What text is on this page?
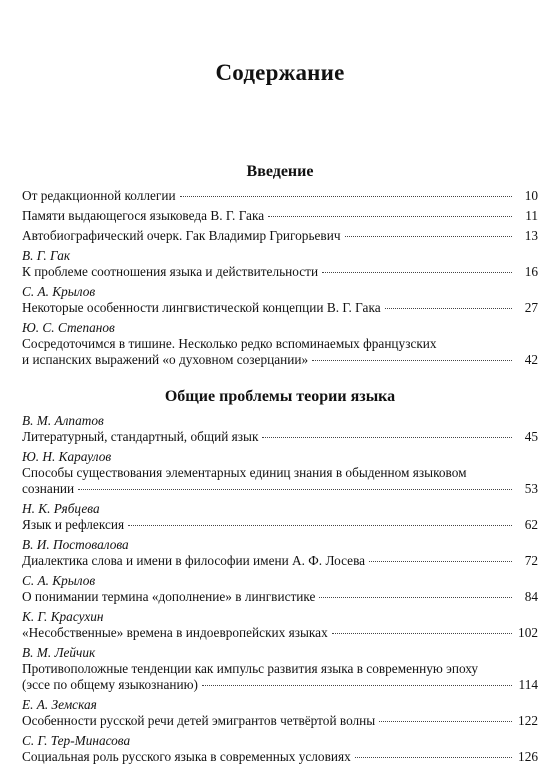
Содержание
Введение
От редакционной коллегии	10
Памяти выдающегося языковеда В. Г. Гака	11
Автобиографический очерк. Гак Владимир Григорьевич	13
В. Г. Гак
К проблеме соотношения языка и действительности	16
С. А. Крылов
Некоторые особенности лингвистической концепции В. Г. Гака	27
Ю. С. Степанов
Сосредоточимся в тишине. Несколько редко вспоминаемых французских
и испанских выражений «о духовном созерцании»	42
Общие проблемы теории языка
В. М. Алпатов
Литературный, стандартный, общий язык	45
Ю. Н. Караулов
Способы существования элементарных единиц знания в обыденном языковом
сознании	53
Н. К. Рябцева
Язык и рефлексия	62
В. И. Постовалова
Диалектика слова и имени в философии имени А. Ф. Лосева	72
С. А. Крылов
О понимании термина «дополнение» в лингвистике	84
К. Г. Красухин
«Несобственные» времена в индоевропейских языках	102
В. М. Лейчик
Противоположные тенденции как импульс развития языка в современную эпоху
(эссе по общему языкознанию)	114
Е. А. Земская
Особенности русской речи детей эмигрантов четвёртой волны	122
С. Г. Тер-Минасова
Социальная роль русского языка в современных условиях	126
